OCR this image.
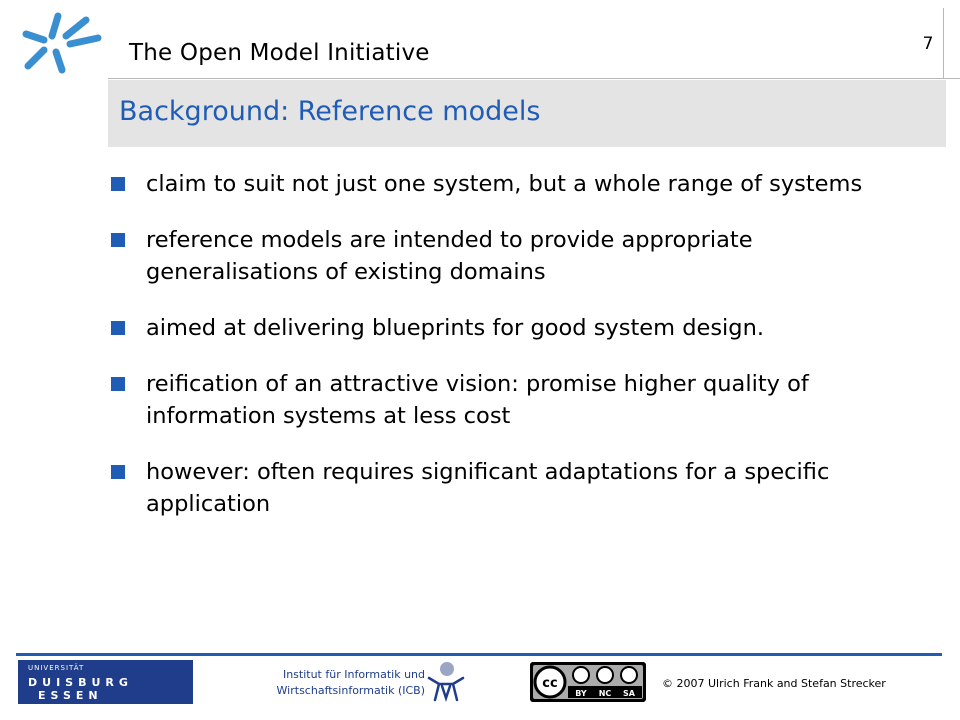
The Open Model Initiative	7
Background: Reference models
claim to suit not just one system, but a whole range of systems
reference models are intended to provide appropriate
generalisations of existing domains
aimed at delivering blueprints for good system design.
reification of an attractive vision: promise higher quality of
information systems at less cost
however: often requires significant adaptations for a specific
application
UNIVERSITÄT
DUISBURG
ESSEN
Institut für Informatik und
Wirtschaftsinformatik (ICB)	cc
BY NC SA
© 2007 Ulrich Frank and Stefan Strecker
